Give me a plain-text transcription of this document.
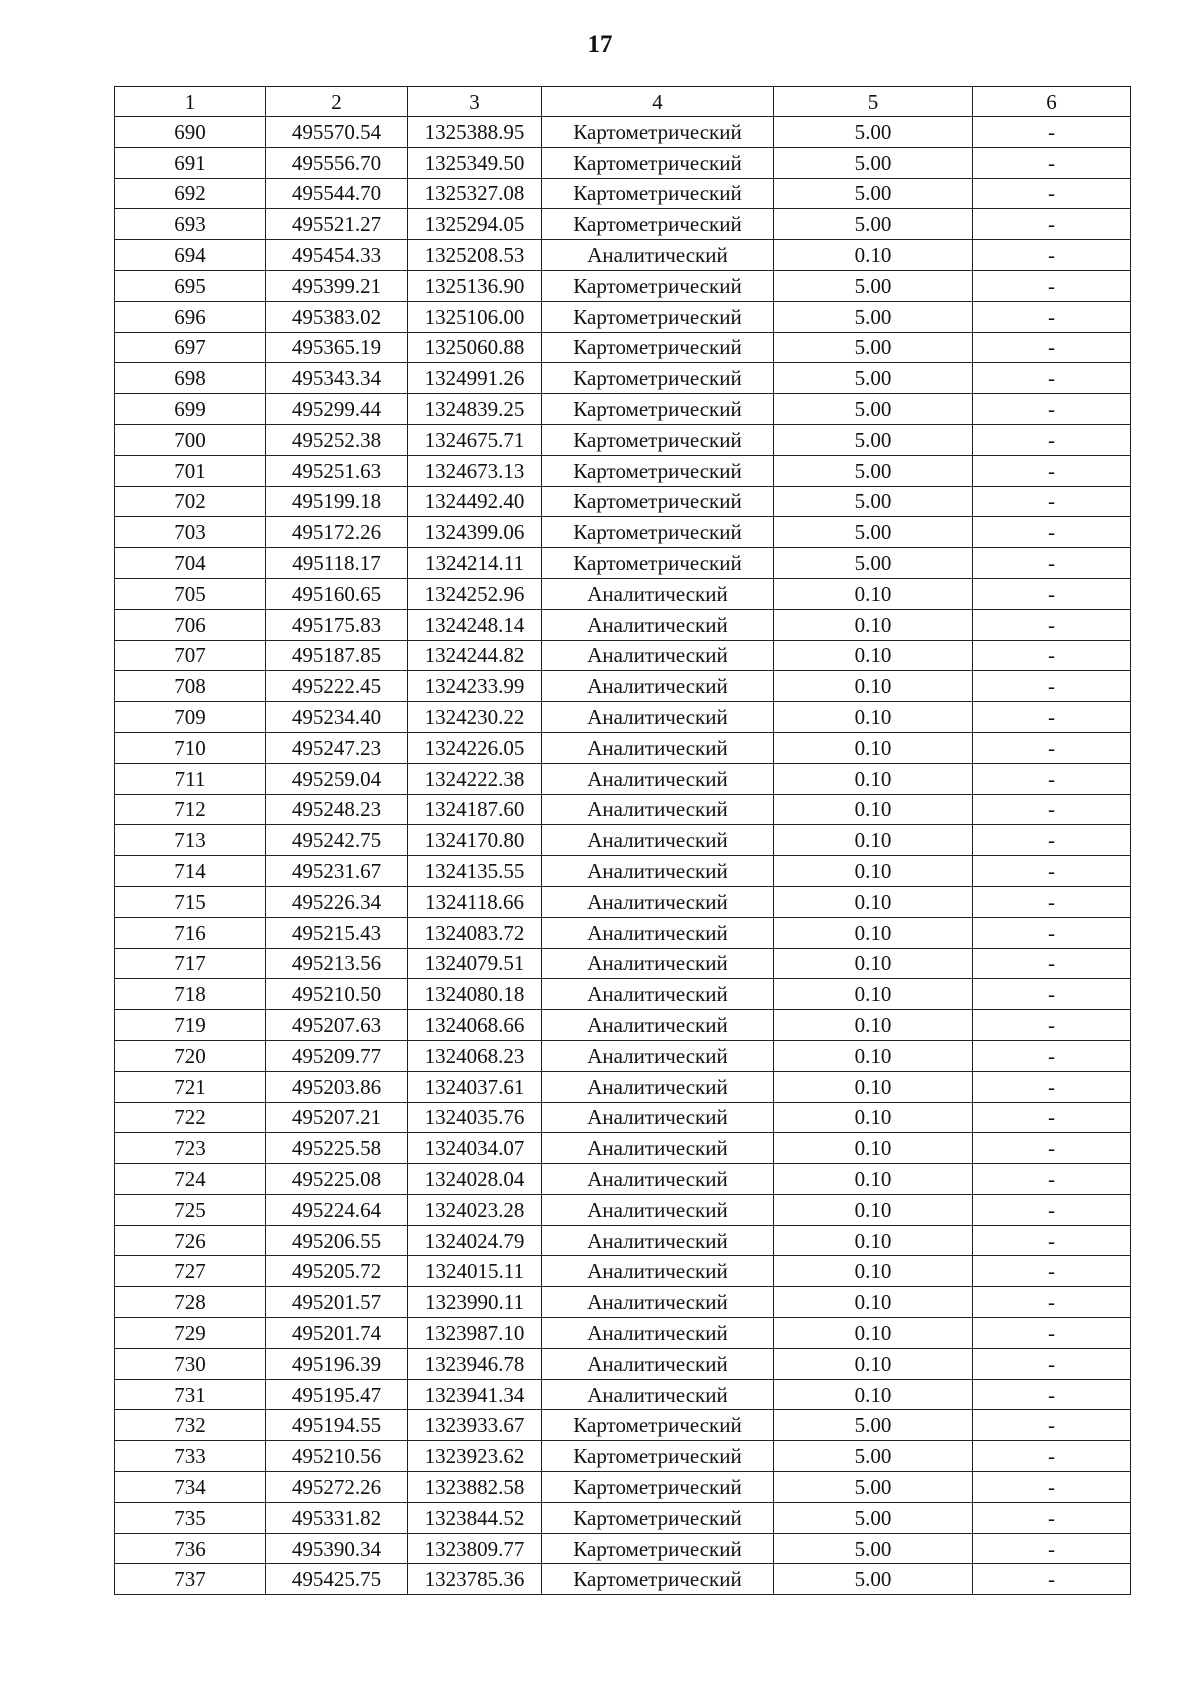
17
1	2	3	4	5	6
690	495570.54	1325388.95	Картометрический	5.00	-
691	495556.70	1325349.50	Картометрический	5.00	-
692	495544.70	1325327.08	Картометрический	5.00	-
693	495521.27	1325294.05	Картометрический	5.00	-
694	495454.33	1325208.53	Аналитический	0.10	-
695	495399.21	1325136.90	Картометрический	5.00	-
696	495383.02	1325106.00	Картометрический	5.00	-
697	495365.19	1325060.88	Картометрический	5.00	-
698	495343.34	1324991.26	Картометрический	5.00	-
699	495299.44	1324839.25	Картометрический	5.00	-
700	495252.38	1324675.71	Картометрический	5.00	-
701	495251.63	1324673.13	Картометрический	5.00	-
702	495199.18	1324492.40	Картометрический	5.00	-
703	495172.26	1324399.06	Картометрический	5.00	-
704	495118.17	1324214.11	Картометрический	5.00	-
705	495160.65	1324252.96	Аналитический	0.10	-
706	495175.83	1324248.14	Аналитический	0.10	-
707	495187.85	1324244.82	Аналитический	0.10	-
708	495222.45	1324233.99	Аналитический	0.10	-
709	495234.40	1324230.22	Аналитический	0.10	-
710	495247.23	1324226.05	Аналитический	0.10	-
711	495259.04	1324222.38	Аналитический	0.10	-
712	495248.23	1324187.60	Аналитический	0.10	-
713	495242.75	1324170.80	Аналитический	0.10	-
714	495231.67	1324135.55	Аналитический	0.10	-
715	495226.34	1324118.66	Аналитический	0.10	-
716	495215.43	1324083.72	Аналитический	0.10	-
717	495213.56	1324079.51	Аналитический	0.10	-
718	495210.50	1324080.18	Аналитический	0.10	-
719	495207.63	1324068.66	Аналитический	0.10	-
720	495209.77	1324068.23	Аналитический	0.10	-
721	495203.86	1324037.61	Аналитический	0.10	-
722	495207.21	1324035.76	Аналитический	0.10	-
723	495225.58	1324034.07	Аналитический	0.10	-
724	495225.08	1324028.04	Аналитический	0.10	-
725	495224.64	1324023.28	Аналитический	0.10	-
726	495206.55	1324024.79	Аналитический	0.10	-
727	495205.72	1324015.11	Аналитический	0.10	-
728	495201.57	1323990.11	Аналитический	0.10	-
729	495201.74	1323987.10	Аналитический	0.10	-
730	495196.39	1323946.78	Аналитический	0.10	-
731	495195.47	1323941.34	Аналитический	0.10	-
732	495194.55	1323933.67	Картометрический	5.00	-
733	495210.56	1323923.62	Картометрический	5.00	-
734	495272.26	1323882.58	Картометрический	5.00	-
735	495331.82	1323844.52	Картометрический	5.00	-
736	495390.34	1323809.77	Картометрический	5.00	-
737	495425.75	1323785.36	Картометрический	5.00	-
